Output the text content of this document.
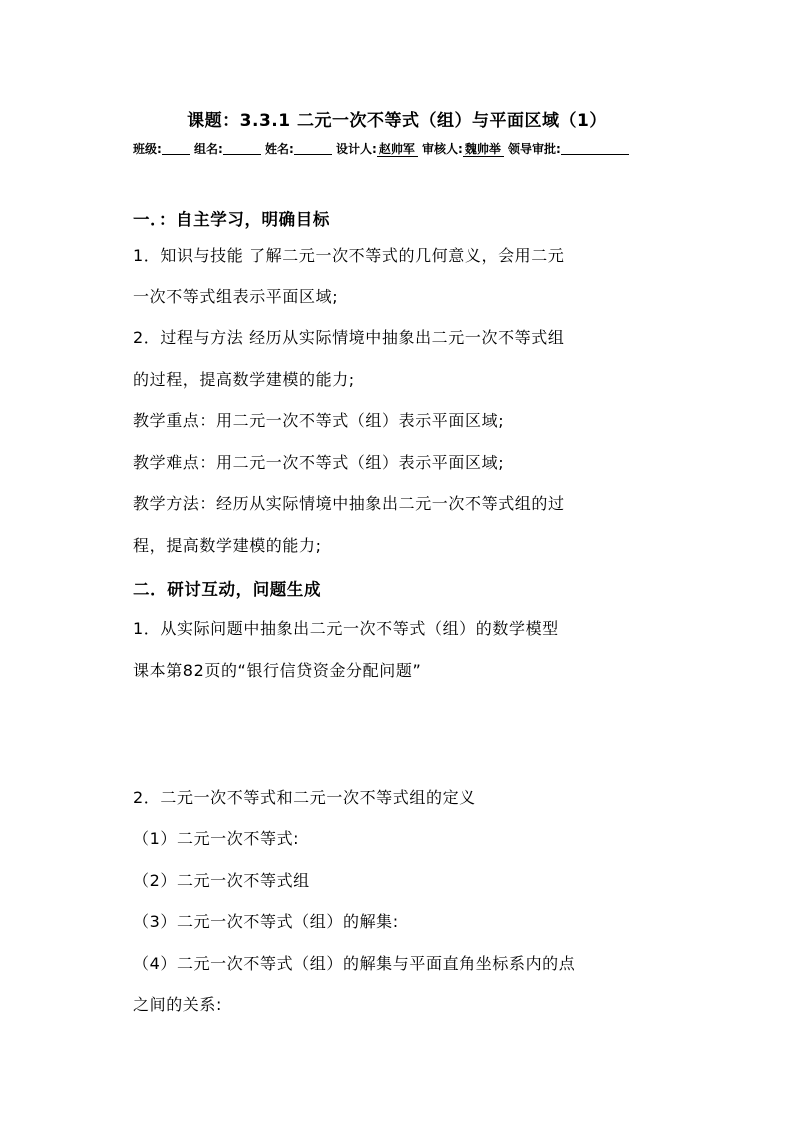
课题：3.3.1 二元一次不等式（组）与平面区域（1）
班级:	组名:	姓名:	设计人: 赵帅军 审核人: 魏帅举 领导审批:
一．：自主学习，明确目标
1．知识与技能 了解二元一次不等式的几何意义，会用二元
一次不等式组表示平面区域;
2．过程与方法 经历从实际情境中抽象出二元一次不等式组
的过程，提高数学建模的能力;
教学重点：用二元一次不等式（组）表示平面区域;
教学难点：用二元一次不等式（组）表示平面区域;
教学方法：经历从实际情境中抽象出二元一次不等式组的过
程，提高数学建模的能力;
二．研讨互动，问题生成
1．从实际问题中抽象出二元一次不等式（组）的数学模型
课本第82页的“银行信贷资金分配问题”
2．二元一次不等式和二元一次不等式组的定义
（1）二元一次不等式:
（2）二元一次不等式组
（3）二元一次不等式（组）的解集:
（4）二元一次不等式（组）的解集与平面直角坐标系内的点
之间的关系:
